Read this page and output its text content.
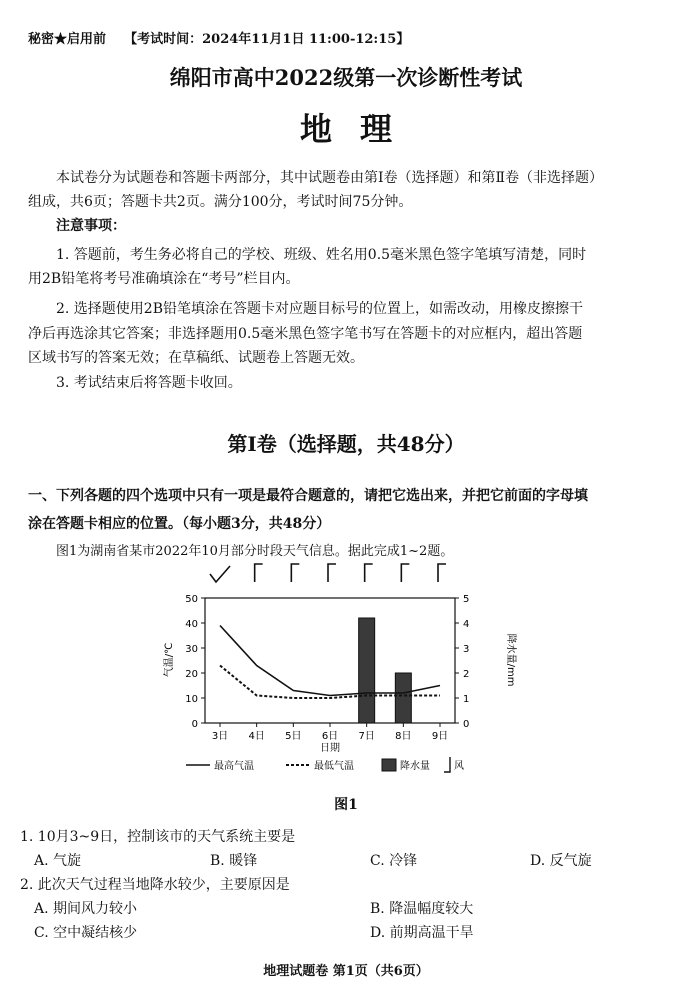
秘密★启用前 【考试时间：2024年11月1日 11:00-12:15】
绵阳市高中2022级第一次诊断性考试
地理
本试卷分为试题卷和答题卡两部分，其中试题卷由第Ⅰ卷（选择题）和第Ⅱ卷（非选择题）
组成，共6页；答题卡共2页。满分100分，考试时间75分钟。
注意事项：
1. 答题前，考生务必将自己的学校、班级、姓名用0.5毫米黑色签字笔填写清楚，同时
用2B铅笔将考号准确填涂在“考号”栏目内。
2. 选择题使用2B铅笔填涂在答题卡对应题目标号的位置上，如需改动，用橡皮擦擦干
净后再选涂其它答案；非选择题用0.5毫米黑色签字笔书写在答题卡的对应框内，超出答题
区域书写的答案无效；在草稿纸、试题卷上答题无效。
3. 考试结束后将答题卡收回。
第Ⅰ卷（选择题，共48分）
一、下列各题的四个选项中只有一项是最符合题意的，请把它选出来，并把它前面的字母填
涂在答题卡相应的位置。（每小题3分，共48分）
图1为湖南省某市2022年10月部分时段天气信息。据此完成1~2题。
0
10
20
30
40
50
0
1
2
3
4
5
3日 4日 5日 6日 7日 8日 9日
气温/℃	降水量/mm
日期
最高气温	最低气温	降水量 风
图1
1. 10月3~9日，控制该市的天气系统主要是
A. 气旋	B. 暖锋	C. 冷锋	D. 反气旋
2. 此次天气过程当地降水较少，主要原因是
A. 期间风力较小	B. 降温幅度较大
C. 空中凝结核少	D. 前期高温干旱
地理试题卷 第1页（共6页）
